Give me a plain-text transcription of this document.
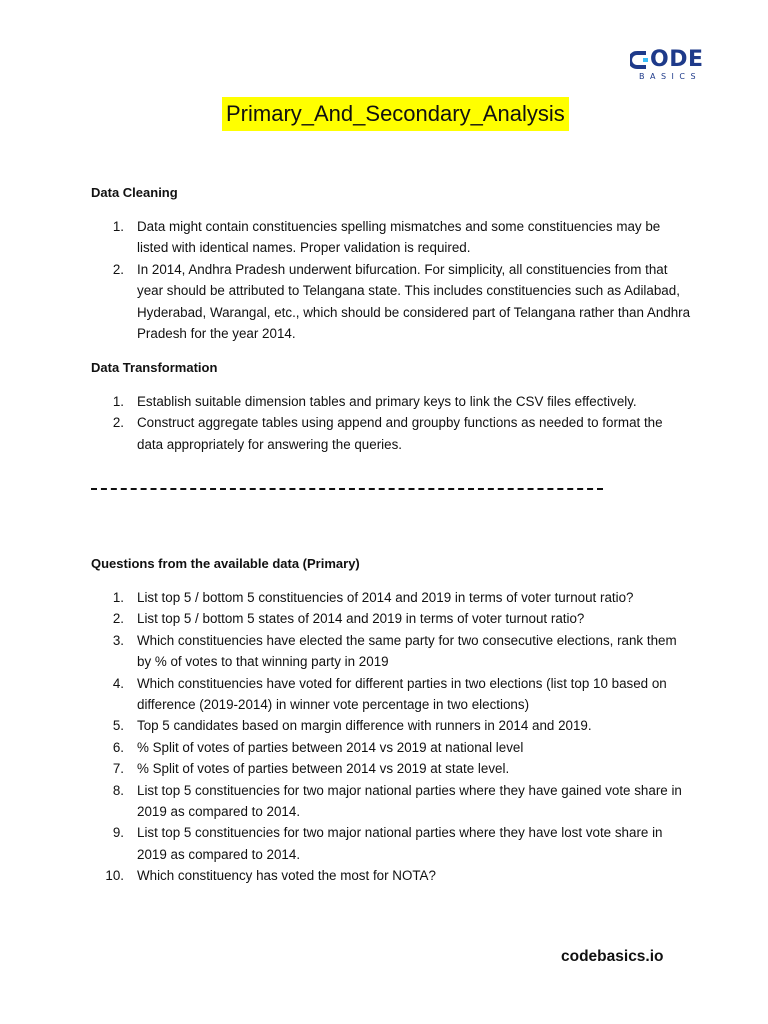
ODE
BASICS
Primary_And_Secondary_Analysis
Data Cleaning
1. Data might contain constituencies spelling mismatches and some constituencies may be listed with identical names. Proper validation is required.
2. In 2014, Andhra Pradesh underwent bifurcation. For simplicity, all constituencies from that year should be attributed to Telangana state. This includes constituencies such as Adilabad, Hyderabad, Warangal, etc., which should be considered part of Telangana rather than Andhra Pradesh for the year 2014.
Data Transformation
1. Establish suitable dimension tables and primary keys to link the CSV files effectively.
2. Construct aggregate tables using append and groupby functions as needed to format the data appropriately for answering the queries.
Questions from the available data (Primary)
1. List top 5 / bottom 5 constituencies of 2014 and 2019 in terms of voter turnout ratio?
2. List top 5 / bottom 5 states of 2014 and 2019 in terms of voter turnout ratio?
3. Which constituencies have elected the same party for two consecutive elections, rank them by % of votes to that winning party in 2019
4. Which constituencies have voted for different parties in two elections (list top 10 based on difference (2019-2014) in winner vote percentage in two elections)
5. Top 5 candidates based on margin difference with runners in 2014 and 2019.
6. % Split of votes of parties between 2014 vs 2019 at national level
7. % Split of votes of parties between 2014 vs 2019 at state level.
8. List top 5 constituencies for two major national parties where they have gained vote share in 2019 as compared to 2014.
9. List top 5 constituencies for two major national parties where they have lost vote share in 2019 as compared to 2014.
10. Which constituency has voted the most for NOTA?
codebasics.io
